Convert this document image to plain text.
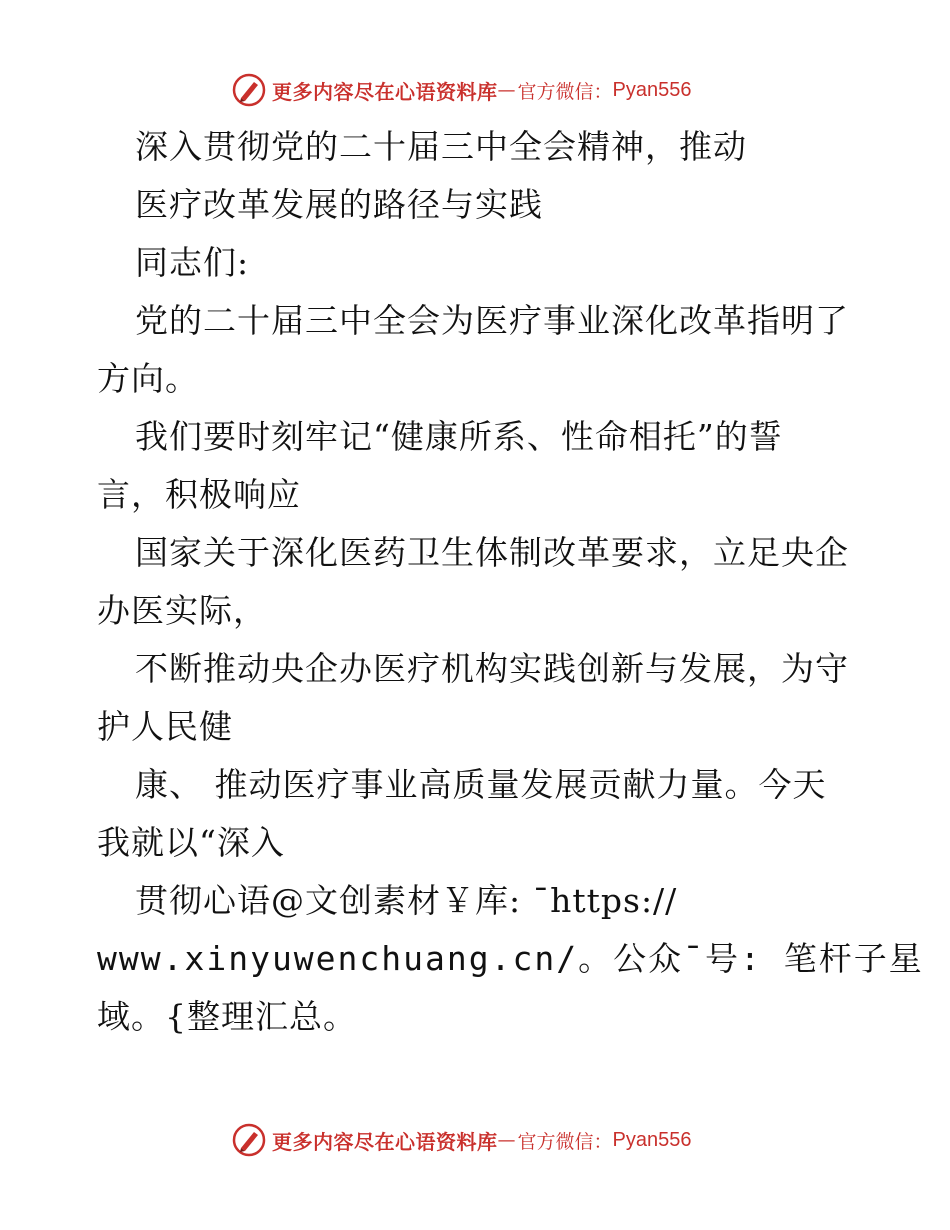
更多内容尽在心语资料库 — 官方微信： Pyan556
深入贯彻党的二十届三中全会精神，推动
医疗改革发展的路径与实践
同志们:
党的二十届三中全会为医疗事业深化改革指明了
方向。
我们要时刻牢记“健康所系、性命相托”的誓
言，积极响应
国家关于深化医药卫生体制改革要求，立足央企
办医实际，
不断推动央企办医疗机构实践创新与发展，为守
护人民健
康、 推动医疗事业高质量发展贡献力量。今天
我就以“深入
贯彻心语@文创素材￥库: ¯https://
www.xinyuwenchuang.cn/。公众¯号: 笔杆子星
域。{整理汇总。
更多内容尽在心语资料库 — 官方微信： Pyan556
